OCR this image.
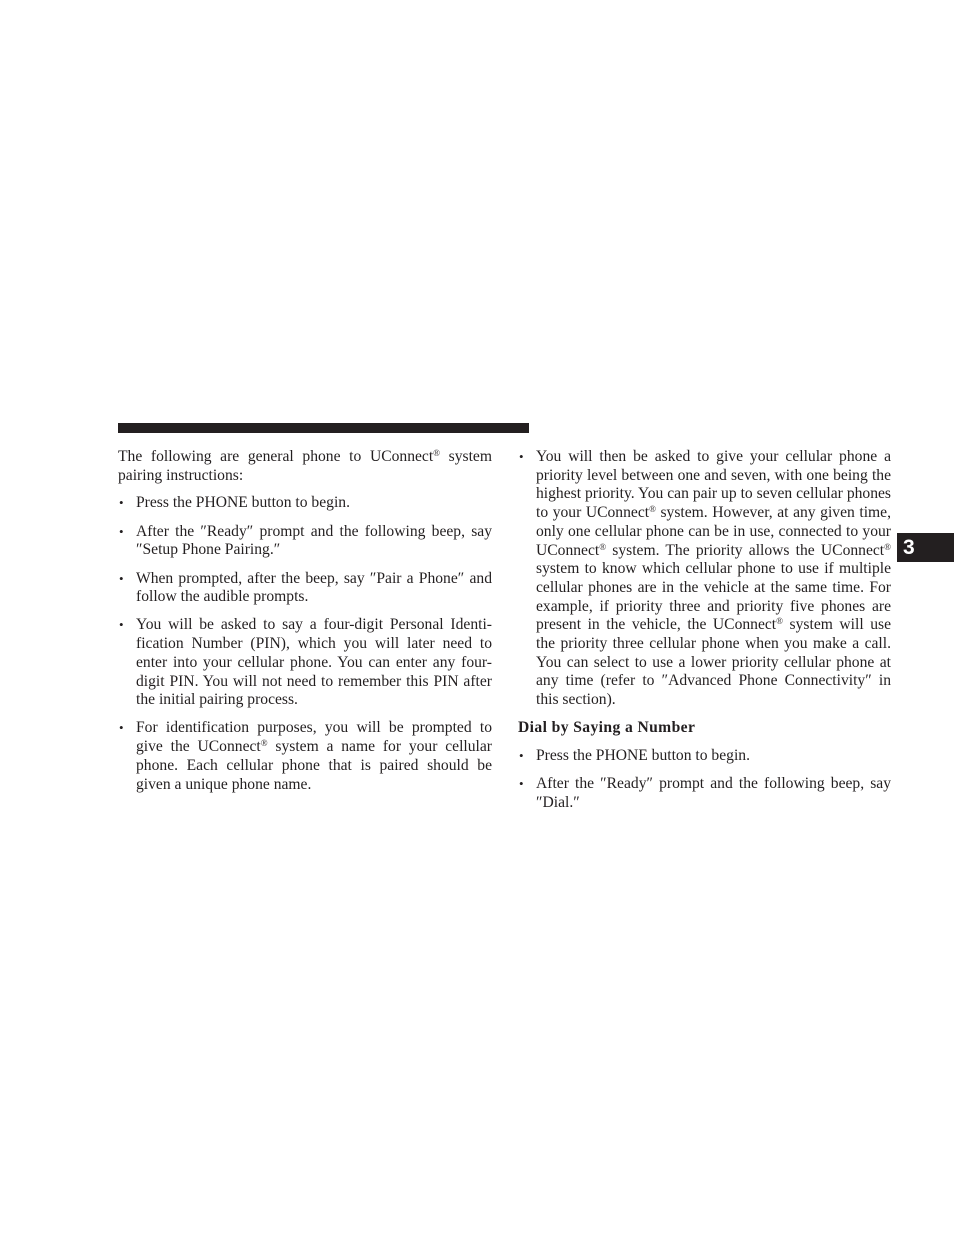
The following are general phone to UConnect® system pairing instructions:

• Press the PHONE button to begin.
• After the ″Ready″ prompt and the following beep, say ″Setup Phone Pairing.″
• When prompted, after the beep, say ″Pair a Phone″ and follow the audible prompts.
• You will be asked to say a four-digit Personal Identi-fication Number (PIN), which you will later need to enter into your cellular phone. You can enter any four-digit PIN. You will not need to remember this PIN after the initial pairing process.
• For identification purposes, you will be prompted to give the UConnect® system a name for your cellular phone. Each cellular phone that is paired should be given a unique phone name.
• You will then be asked to give your cellular phone a priority level between one and seven, with one being the highest priority. You can pair up to seven cellular phones to your UConnect® system. However, at any given time, only one cellular phone can be in use, connected to your UConnect® system. The priority allows the UConnect® system to know which cellular phone to use if multiple cellular phones are in the vehicle at the same time. For example, if priority three and priority five phones are present in the vehicle, the UConnect® system will use the priority three cellular phone when you make a call. You can select to use a lower priority cellular phone at any time (refer to ″Advanced Phone Connectivity″ in this section).

Dial by Saying a Number

• Press the PHONE button to begin.
• After the ″Ready″ prompt and the following beep, say ″Dial.″
3
